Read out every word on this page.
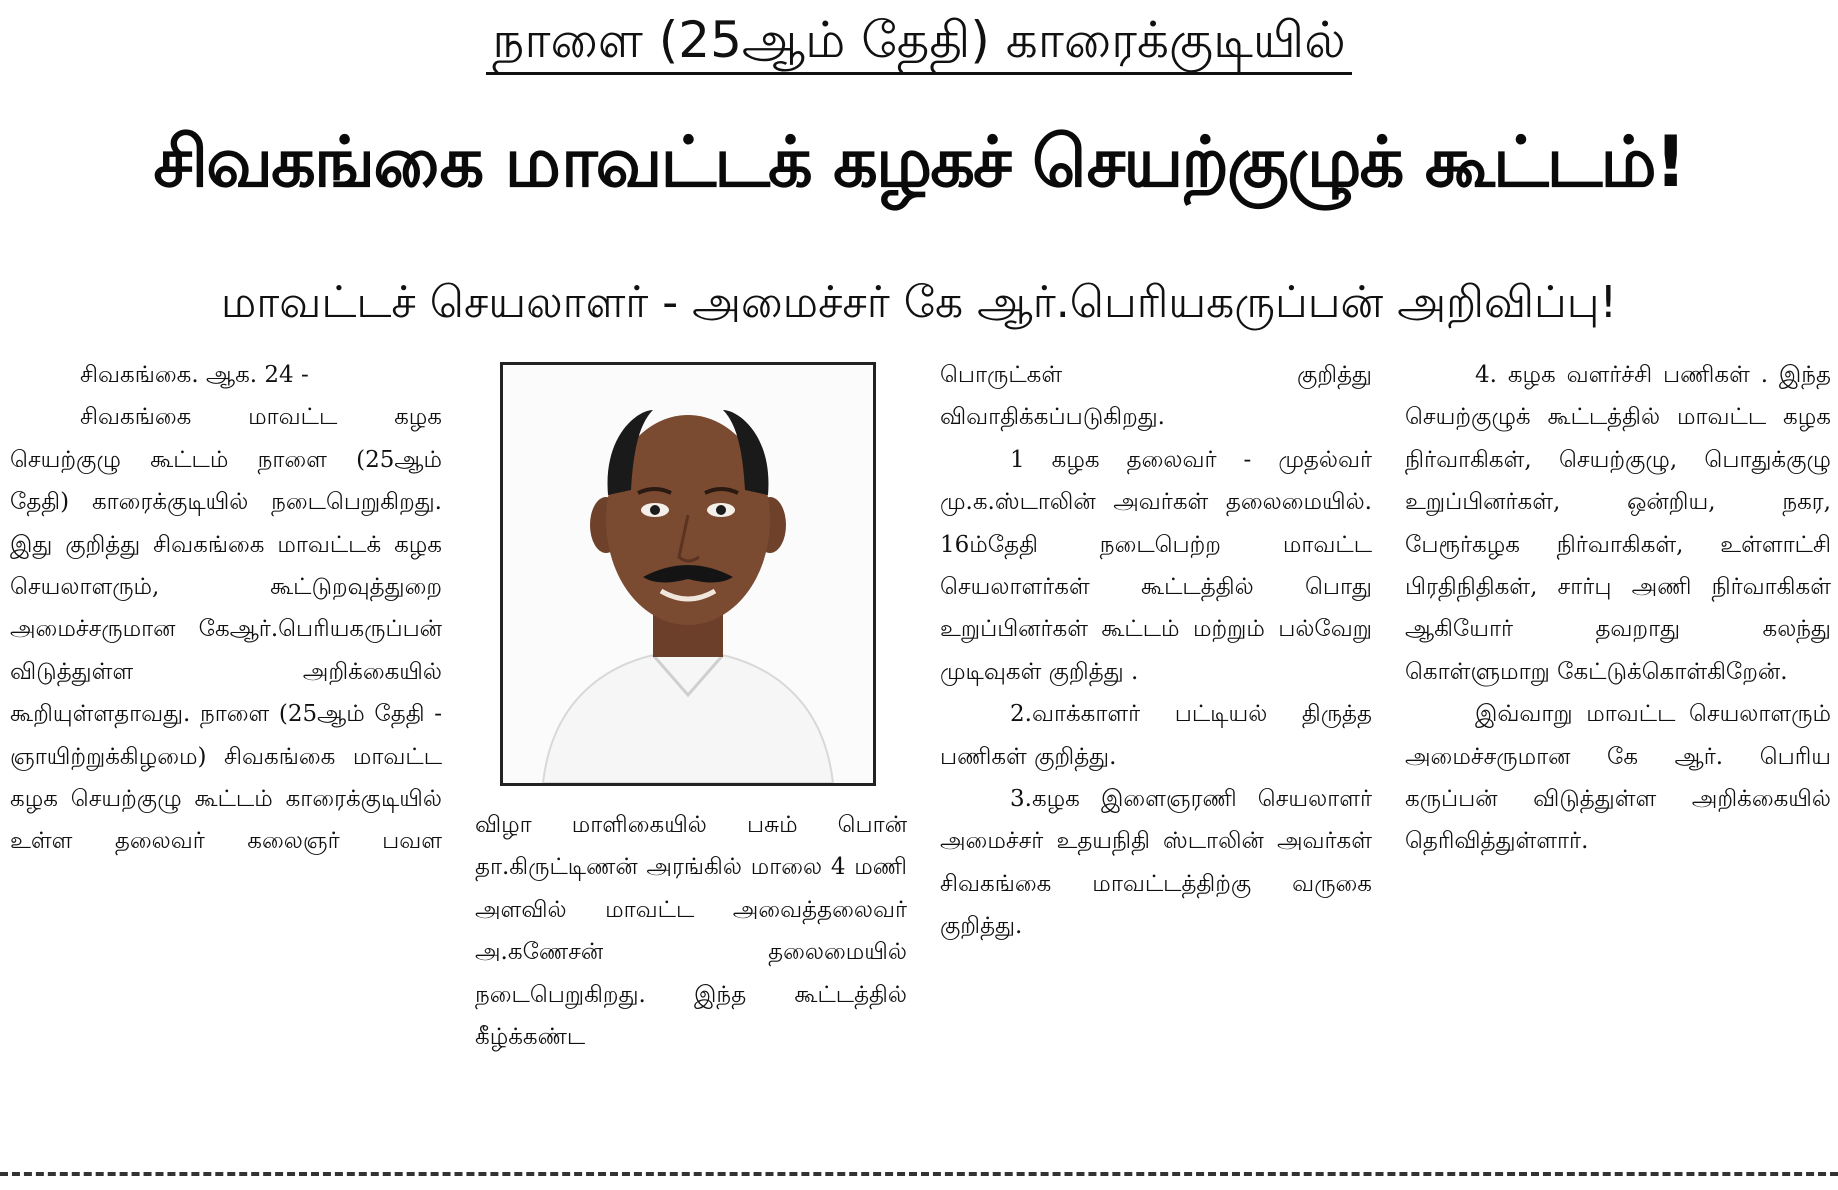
நாளை (25ஆம் தேதி) காரைக்குடியில்
சிவகங்கை மாவட்டக் கழகச் செயற்குழுக் கூட்டம்!
மாவட்டச் செயலாளர் - அமைச்சர் கே ஆர்.பெரியகருப்பன் அறிவிப்பு!

சிவகங்கை. ஆக. 24 -

சிவகங்கை மாவட்ட கழக செயற்குழு கூட்டம் நாளை (25ஆம் தேதி) காரைக்குடியில் நடைபெறுகிறது. இது குறித்து சிவகங்கை மாவட்டக் கழக செயலாளரும், கூட்டுறவுத்துறை அமைச்சருமான கேஆர்.பெரியகருப்பன் விடுத்துள்ள அறிக்கையில் கூறியுள்ளதாவது. நாளை (25ஆம் தேதி - ஞாயிற்றுக்கிழமை) சிவகங்கை மாவட்ட கழக செயற்குழு கூட்டம் காரைக்குடியில் உள்ள தலைவர் கலைஞர் பவள

விழா மாளிகையில் பசும் பொன் தா.கிருட்டிணன் அரங்கில் மாலை 4 மணி அளவில் மாவட்ட அவைத்தலைவர் அ.கணேசன் தலைமையில் நடைபெறுகிறது. இந்த கூட்டத்தில் கீழ்க்கண்ட

பொருட்கள் குறித்து விவாதிக்கப்படுகிறது.

1 கழக தலைவர் - முதல்வர் மு.க.ஸ்டாலின் அவர்கள் தலைமையில். 16ம்தேதி நடைபெற்ற மாவட்ட செயலாளர்கள் கூட்டத்தில் பொது உறுப்பினர்கள் கூட்டம் மற்றும் பல்வேறு முடிவுகள் குறித்து .

2.வாக்காளர் பட்டியல் திருத்த பணிகள் குறித்து.

3.கழக இளைஞரணி செயலாளர் அமைச்சர் உதயநிதி ஸ்டாலின் அவர்கள் சிவகங்கை மாவட்டத்திற்கு வருகை குறித்து.

4. கழக வளர்ச்சி பணிகள் . இந்த செயற்குழுக் கூட்டத்தில் மாவட்ட கழக நிர்வாகிகள், செயற்குழு, பொதுக்குழு உறுப்பினர்கள், ஒன்றிய, நகர, பேரூர்கழக நிர்வாகிகள், உள்ளாட்சி பிரதிநிதிகள், சார்பு அணி நிர்வாகிகள் ஆகியோர் தவறாது கலந்து கொள்ளுமாறு கேட்டுக்கொள்கிறேன்.

இவ்வாறு மாவட்ட செயலாளரும் அமைச்சருமான கே ஆர். பெரிய கருப்பன் விடுத்துள்ள அறிக்கையில் தெரிவித்துள்ளார்.
